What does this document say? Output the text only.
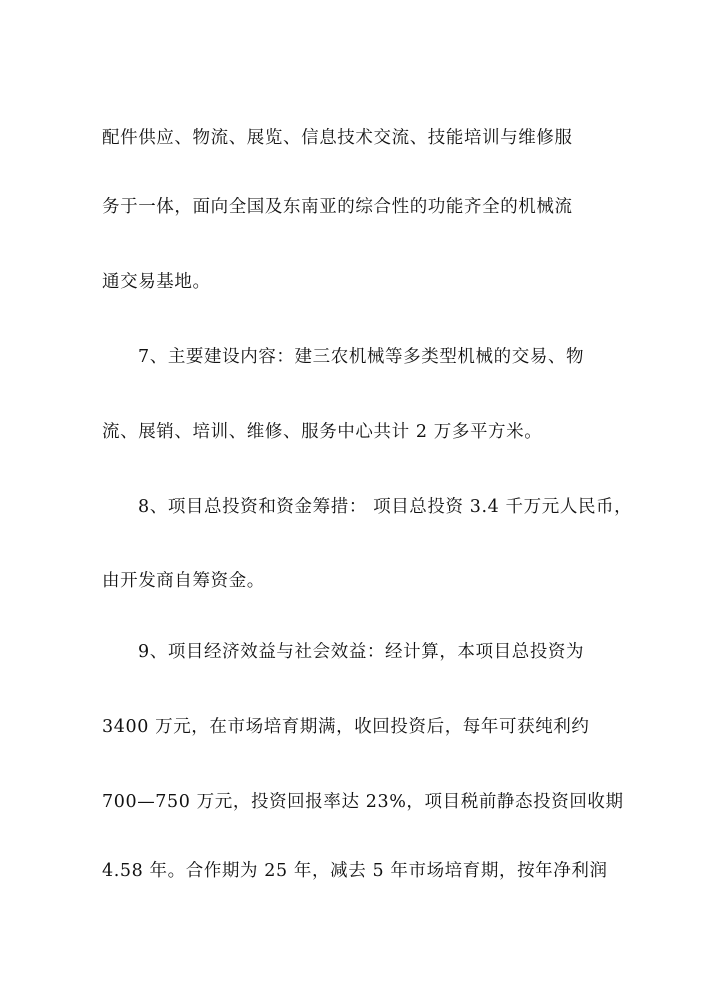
配件供应、物流、展览、信息技术交流、技能培训与维修服
务于一体，面向全国及东南亚的综合性的功能齐全的机械流
通交易基地。
7、主要建设内容：建三农机械等多类型机械的交易、物
流、展销、培训、维修、服务中心共计 2 万多平方米。
8、项目总投资和资金筹措： 项目总投资 3.4 千万元人民币，
由开发商自筹资金。
9、项目经济效益与社会效益：经计算，本项目总投资为
3400 万元，在市场培育期满，收回投资后，每年可获纯利约
700—750 万元，投资回报率达 23%，项目税前静态投资回收期
4.58 年。合作期为 25 年，减去 5 年市场培育期，按年净利润
